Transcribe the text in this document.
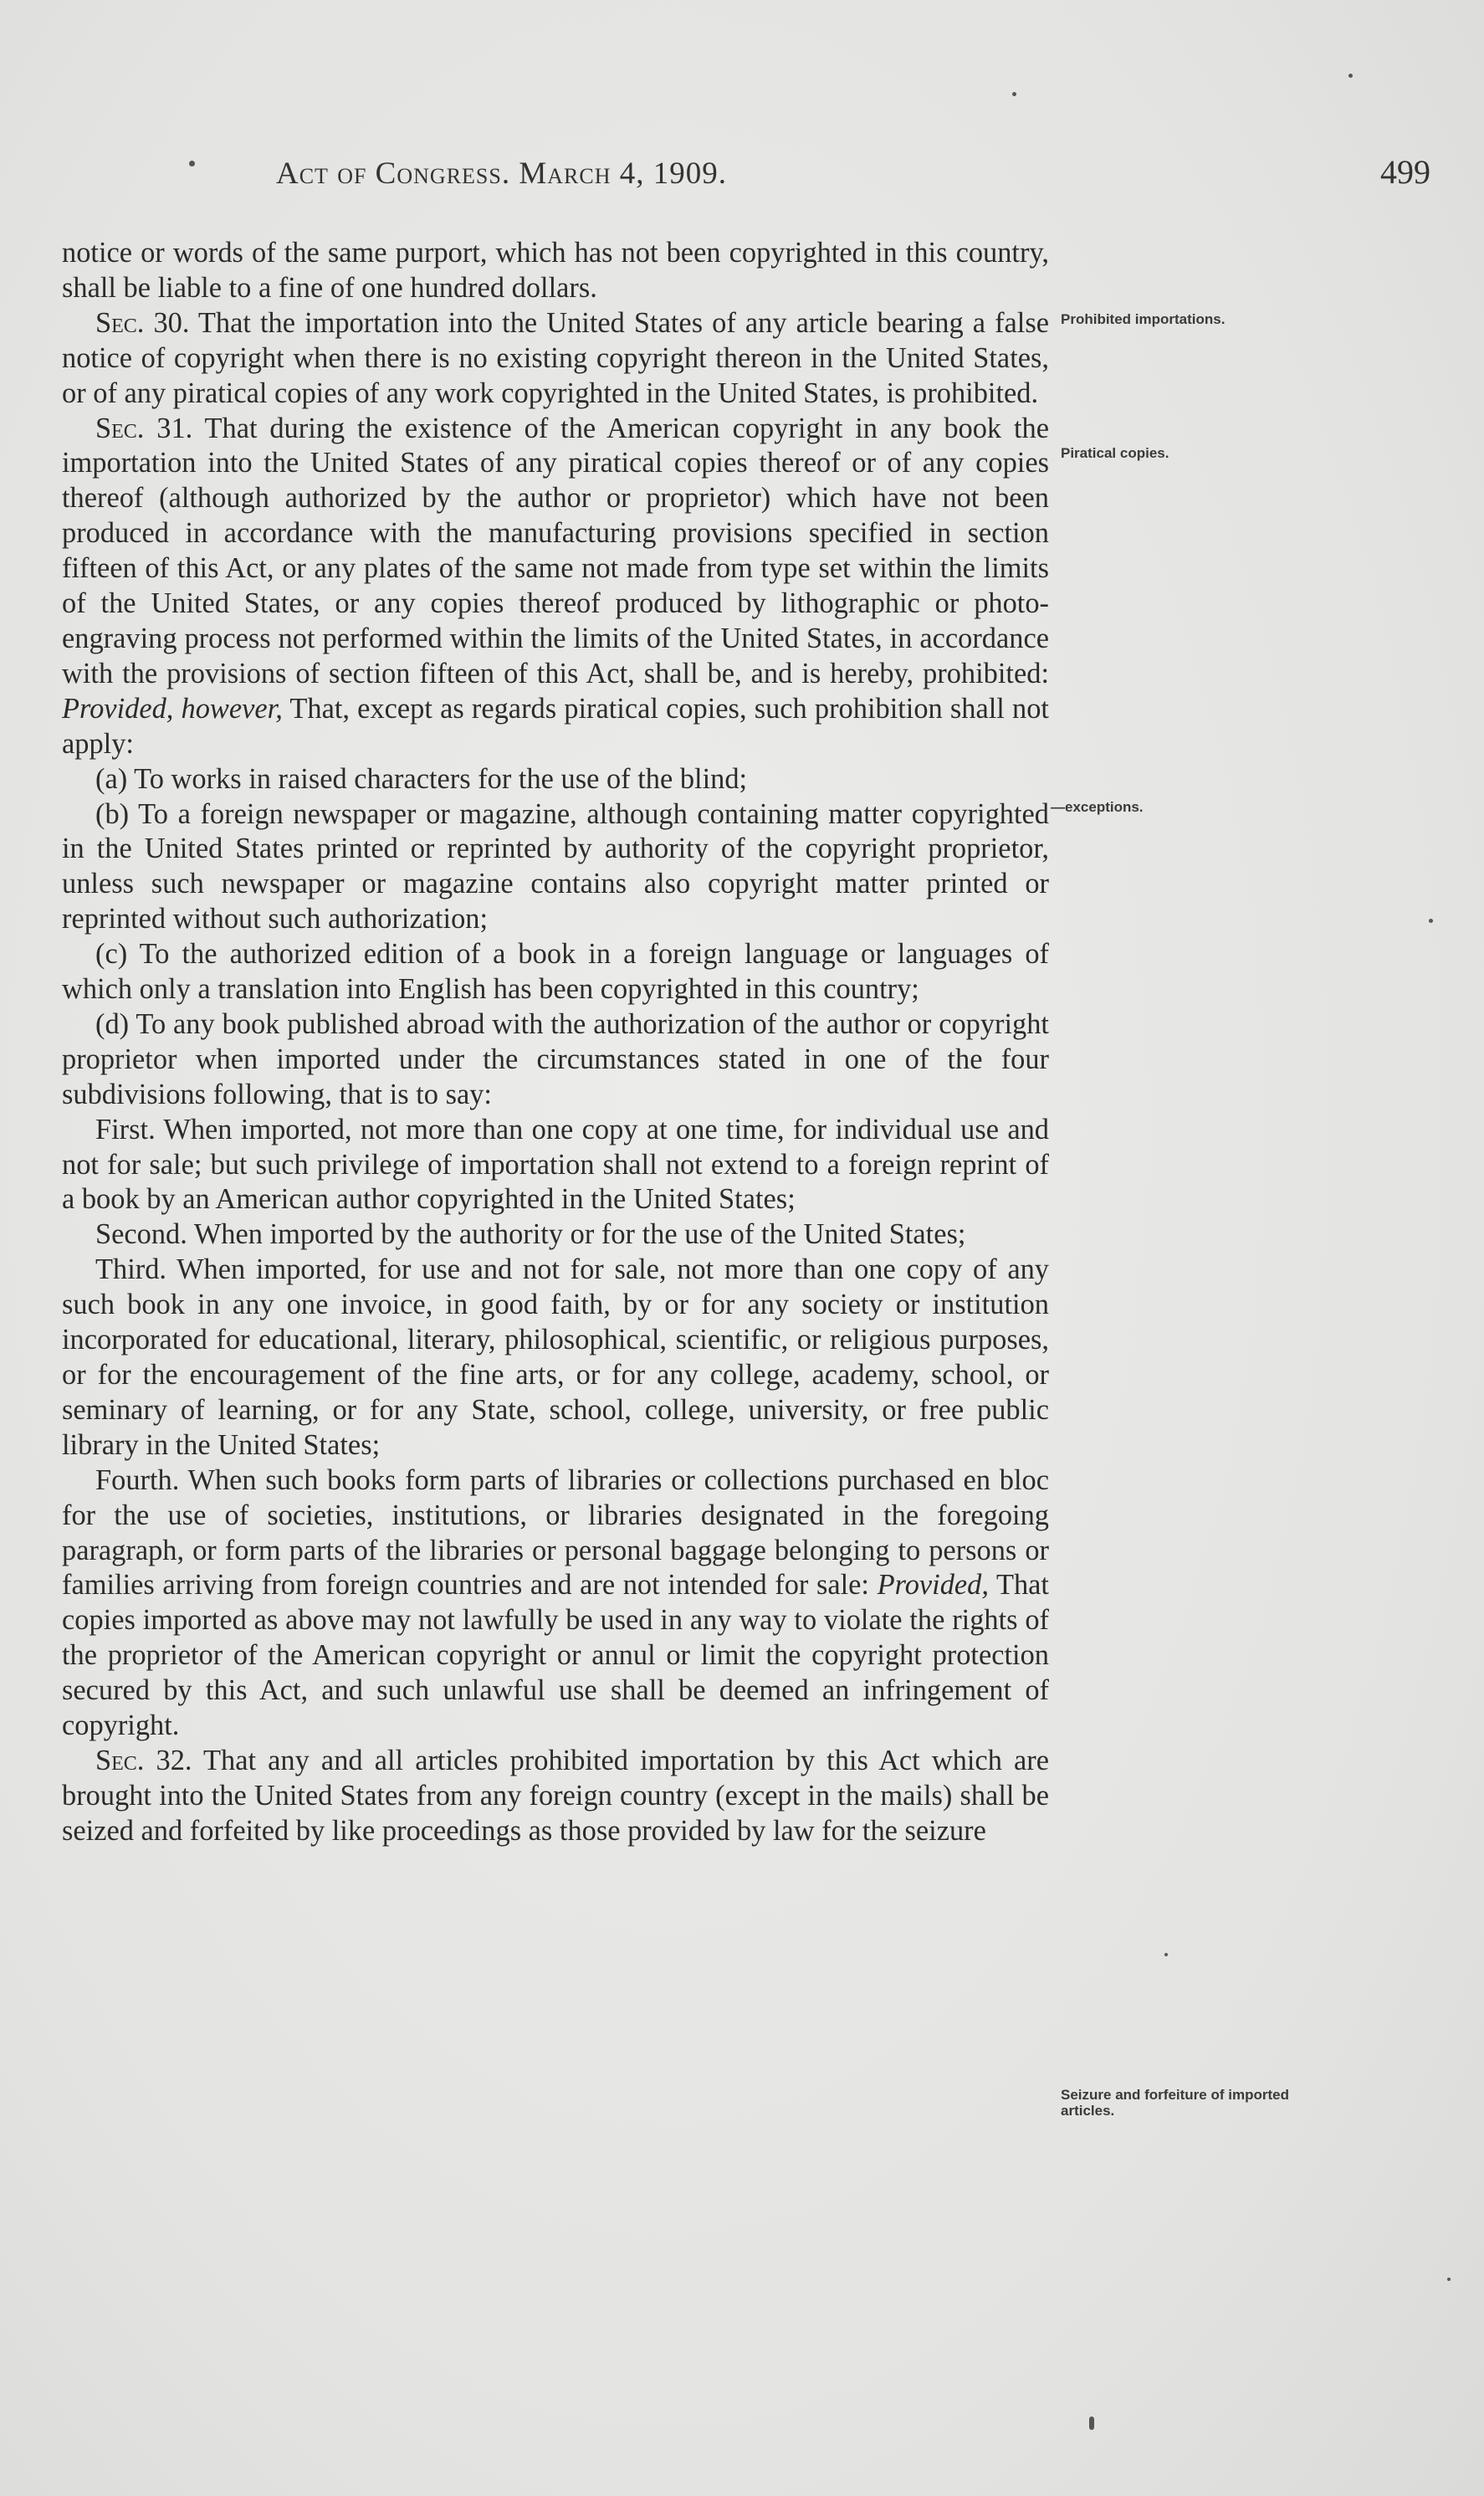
Act of Congress. March 4, 1909.	499

notice or words of the same purport, which has not been copyrighted in this country, shall be liable to a fine of one hundred dollars.

Sec. 30. That the importation into the United States of any article bearing a false notice of copyright when there is no existing copyright thereon in the United States, or of any piratical copies of any work copyrighted in the United States, is prohibited.

Sec. 31. That during the existence of the American copyright in any book the importation into the United States of any piratical copies thereof or of any copies thereof (although authorized by the author or proprietor) which have not been produced in accordance with the manufacturing provisions specified in section fifteen of this Act, or any plates of the same not made from type set within the limits of the United States, or any copies thereof produced by lithographic or photo-engraving process not performed within the limits of the United States, in accordance with the provisions of section fifteen of this Act, shall be, and is hereby, prohibited: Provided, however, That, except as regards piratical copies, such prohibition shall not apply:

(a) To works in raised characters for the use of the blind;

(b) To a foreign newspaper or magazine, although containing matter copyrighted in the United States printed or reprinted by authority of the copyright proprietor, unless such newspaper or magazine contains also copyright matter printed or reprinted without such authorization;

(c) To the authorized edition of a book in a foreign language or languages of which only a translation into English has been copyrighted in this country;

(d) To any book published abroad with the authorization of the author or copyright proprietor when imported under the circumstances stated in one of the four subdivisions following, that is to say:

First. When imported, not more than one copy at one time, for individual use and not for sale; but such privilege of importation shall not extend to a foreign reprint of a book by an American author copyrighted in the United States;

Second. When imported by the authority or for the use of the United States;

Third. When imported, for use and not for sale, not more than one copy of any such book in any one invoice, in good faith, by or for any society or institution incorporated for educational, literary, philosophical, scientific, or religious purposes, or for the encouragement of the fine arts, or for any college, academy, school, or seminary of learning, or for any State, school, college, university, or free public library in the United States;

Fourth. When such books form parts of libraries or collections purchased en bloc for the use of societies, institutions, or libraries designated in the foregoing paragraph, or form parts of the libraries or personal baggage belonging to persons or families arriving from foreign countries and are not intended for sale: Provided, That copies imported as above may not lawfully be used in any way to violate the rights of the proprietor of the American copyright or annul or limit the copyright protection secured by this Act, and such unlawful use shall be deemed an infringement of copyright.

Sec. 32. That any and all articles prohibited importation by this Act which are brought into the United States from any foreign country (except in the mails) shall be seized and forfeited by like proceedings as those provided by law for the seizure

Prohibited importations.
Piratical copies.
—exceptions.
Seizure and forfeiture of imported articles.
